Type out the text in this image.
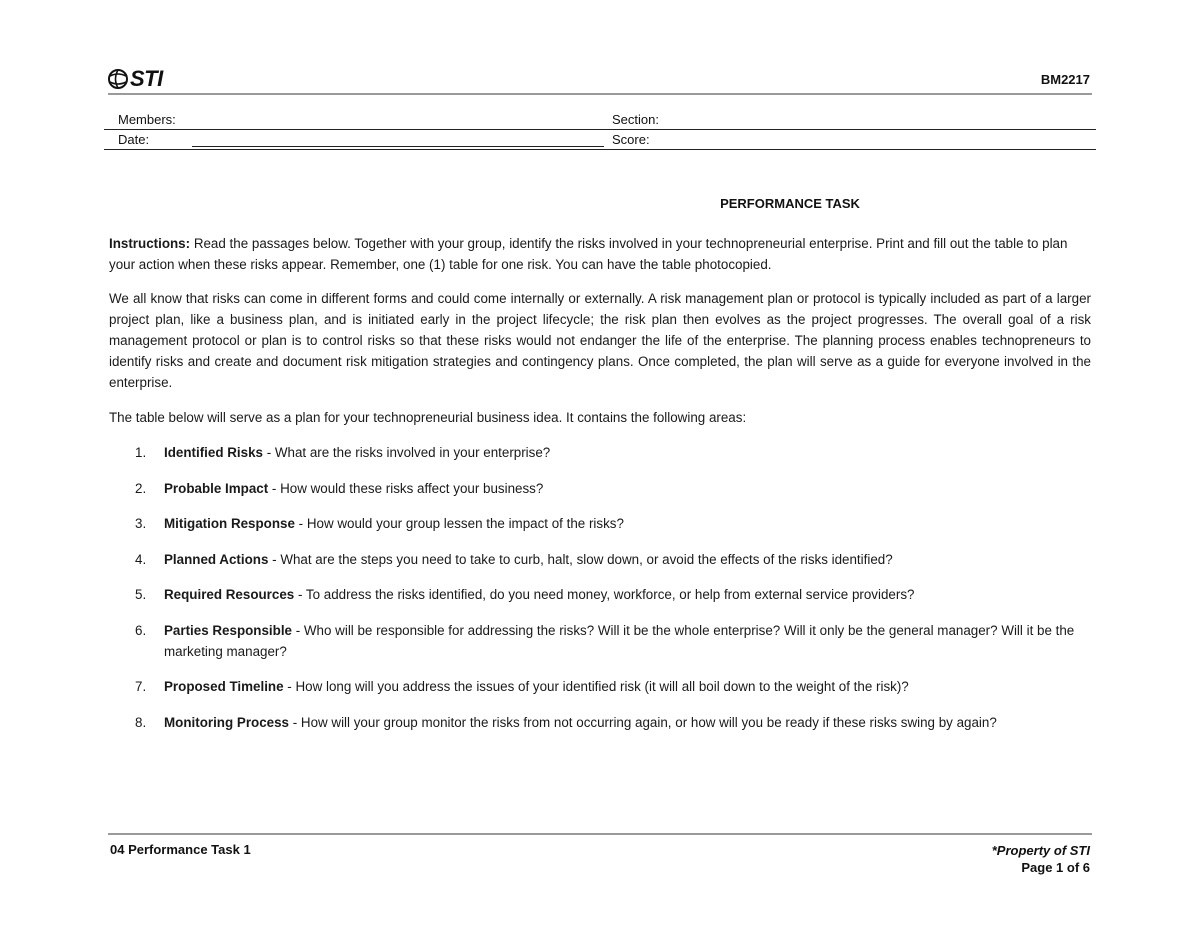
STI	BM2217
Members:	Section:
Date:	Score:
PERFORMANCE TASK
Instructions: Read the passages below. Together with your group, identify the risks involved in your technopreneurial enterprise. Print and fill out the table to plan your action when these risks appear. Remember, one (1) table for one risk. You can have the table photocopied.
We all know that risks can come in different forms and could come internally or externally. A risk management plan or protocol is typically included as part of a larger project plan, like a business plan, and is initiated early in the project lifecycle; the risk plan then evolves as the project progresses. The overall goal of a risk management protocol or plan is to control risks so that these risks would not endanger the life of the enterprise. The planning process enables technopreneurs to identify risks and create and document risk mitigation strategies and contingency plans. Once completed, the plan will serve as a guide for everyone involved in the enterprise.
The table below will serve as a plan for your technopreneurial business idea. It contains the following areas:
1. Identified Risks - What are the risks involved in your enterprise?
2. Probable Impact - How would these risks affect your business?
3. Mitigation Response - How would your group lessen the impact of the risks?
4. Planned Actions - What are the steps you need to take to curb, halt, slow down, or avoid the effects of the risks identified?
5. Required Resources - To address the risks identified, do you need money, workforce, or help from external service providers?
6. Parties Responsible - Who will be responsible for addressing the risks? Will it be the whole enterprise? Will it only be the general manager? Will it be the marketing manager?
7. Proposed Timeline - How long will you address the issues of your identified risk (it will all boil down to the weight of the risk)?
8. Monitoring Process - How will your group monitor the risks from not occurring again, or how will you be ready if these risks swing by again?
04 Performance Task 1	*Property of STI
Page 1 of 6
